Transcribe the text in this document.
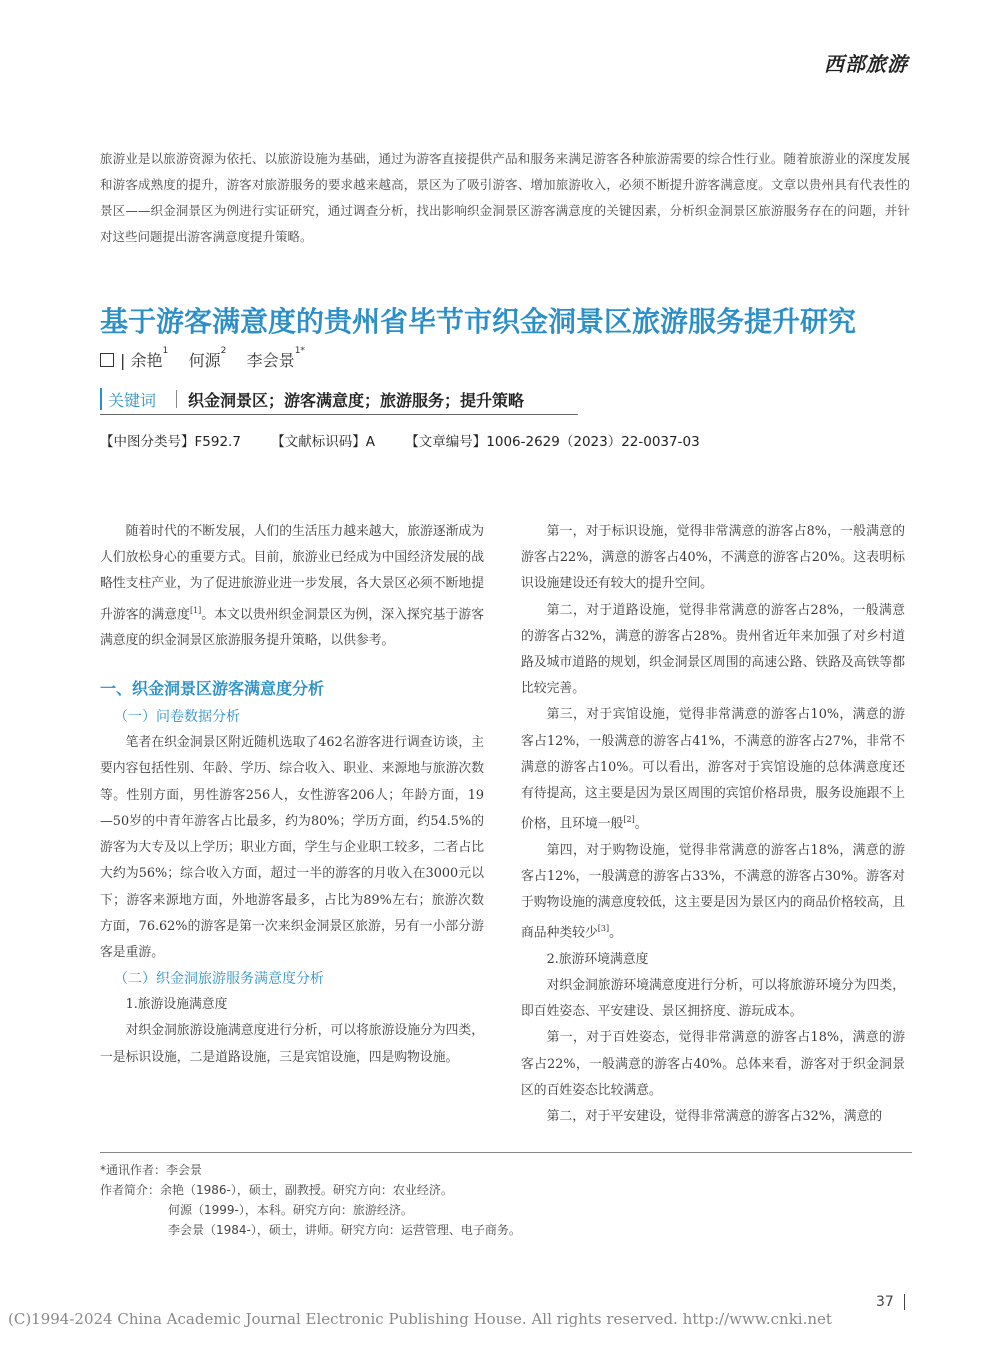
西部旅游
旅游业是以旅游资源为依托、以旅游设施为基础，通过为游客直接提供产品和服务来满足游客各种旅游需要的综合性行业。随着旅游业的深度发展和游客成熟度的提升，游客对旅游服务的要求越来越高，景区为了吸引游客、增加旅游收入，必须不断提升游客满意度。文章以贵州具有代表性的景区——织金洞景区为例进行实证研究，通过调查分析，找出影响织金洞景区游客满意度的关键因素，分析织金洞景区旅游服务存在的问题，并针对这些问题提出游客满意度提升策略。
基于游客满意度的贵州省毕节市织金洞景区旅游服务提升研究
| 余艳$^1$ 何源$^2$ 李会景$^{1*}$
关键词 织金洞景区；游客满意度；旅游服务；提升策略
【中图分类号】F592.7 【文献标识码】A 【文章编号】1006-2629（2023）22-0037-03

随着时代的不断发展，人们的生活压力越来越大，旅游逐渐成为人们放松身心的重要方式。目前，旅游业已经成为中国经济发展的战略性支柱产业，为了促进旅游业进一步发展，各大景区必须不断地提升游客的满意度[1]。本文以贵州织金洞景区为例，深入探究基于游客满意度的织金洞景区旅游服务提升策略，以供参考。

一、织金洞景区游客满意度分析

（一）问卷数据分析

笔者在织金洞景区附近随机选取了462名游客进行调查访谈，主要内容包括性别、年龄、学历、综合收入、职业、来源地与旅游次数等。性别方面，男性游客256人，女性游客206人；年龄方面，19—50岁的中青年游客占比最多，约为80%；学历方面，约54.5%的游客为大专及以上学历；职业方面，学生与企业职工较多，二者占比大约为56%；综合收入方面，超过一半的游客的月收入在3000元以下；游客来源地方面，外地游客最多，占比为89%左右；旅游次数方面，76.62%的游客是第一次来织金洞景区旅游，另有一小部分游客是重游。

（二）织金洞旅游服务满意度分析

1.旅游设施满意度

对织金洞旅游设施满意度进行分析，可以将旅游设施分为四类，一是标识设施，二是道路设施，三是宾馆设施，四是购物设施。

第一，对于标识设施，觉得非常满意的游客占8%，一般满意的游客占22%，满意的游客占40%，不满意的游客占20%。这表明标识设施建设还有较大的提升空间。

第二，对于道路设施，觉得非常满意的游客占28%，一般满意的游客占32%，满意的游客占28%。贵州省近年来加强了对乡村道路及城市道路的规划，织金洞景区周围的高速公路、铁路及高铁等都比较完善。

第三，对于宾馆设施，觉得非常满意的游客占10%，满意的游客占12%，一般满意的游客占41%，不满意的游客占27%，非常不满意的游客占10%。可以看出，游客对于宾馆设施的总体满意度还有待提高，这主要是因为景区周围的宾馆价格昂贵，服务设施跟不上价格，且环境一般[2]。

第四，对于购物设施，觉得非常满意的游客占18%，满意的游客占12%，一般满意的游客占33%，不满意的游客占30%。游客对于购物设施的满意度较低，这主要是因为景区内的商品价格较高，且商品种类较少[3]。

2.旅游环境满意度

对织金洞旅游环境满意度进行分析，可以将旅游环境分为四类，即百姓姿态、平安建设、景区拥挤度、游玩成本。

第一，对于百姓姿态，觉得非常满意的游客占18%，满意的游客占22%，一般满意的游客占40%。总体来看，游客对于织金洞景区的百姓姿态比较满意。

第二，对于平安建设，觉得非常满意的游客占32%，满意的

*通讯作者：李会景
作者简介：余艳（1986-），硕士，副教授。研究方向：农业经济。
何源（1999-），本科。研究方向：旅游经济。
李会景（1984-），硕士，讲师。研究方向：运营管理、电子商务。
37
(C)1994-2024 China Academic Journal Electronic Publishing House. All rights reserved. http://www.cnki.net
